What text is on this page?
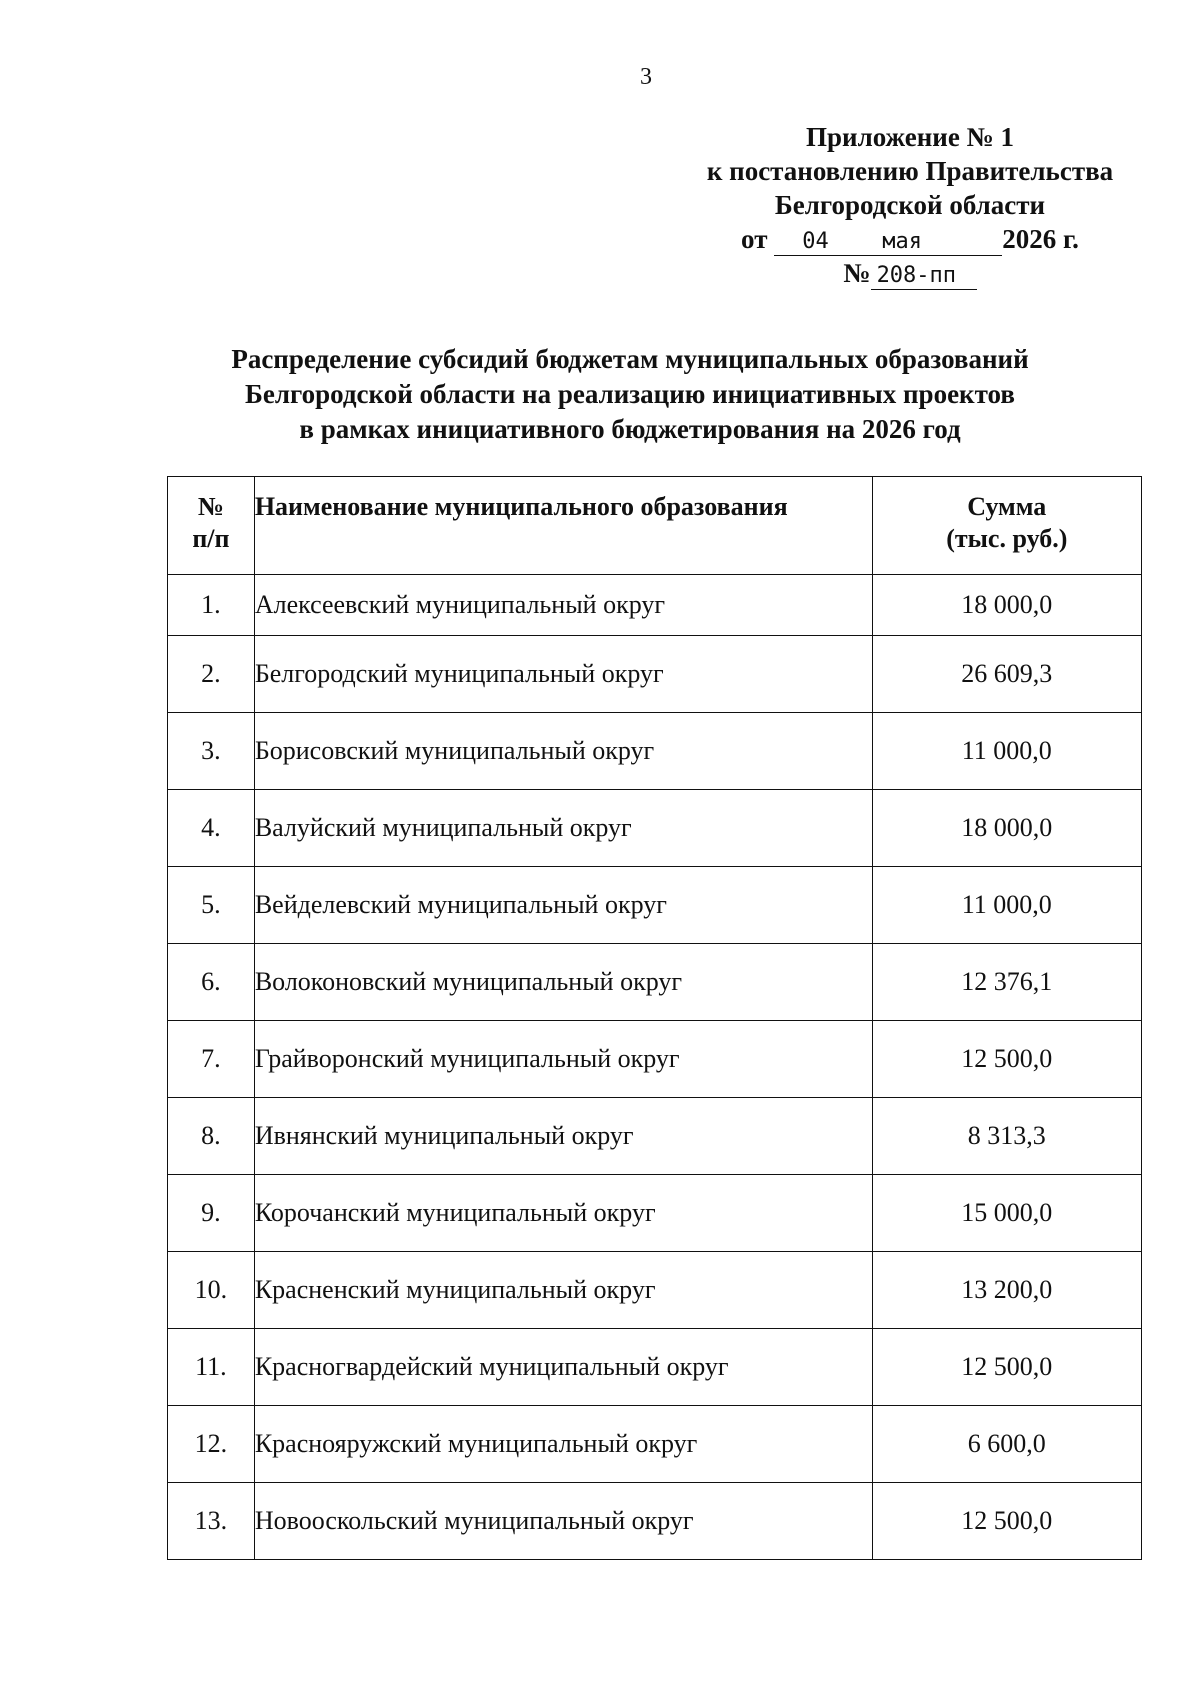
3
Приложение № 1
к постановлению Правительства
Белгородской области
от 04 мая	2026 г.
№ 208-пп
Распределение субсидий бюджетам муниципальных образований
Белгородской области на реализацию инициативных проектов
в рамках инициативного бюджетирования на 2026 год
№
п/п	Наименование муниципального образования	Сумма
(тыс. руб.)

1.	Алексеевский муниципальный округ	18 000,0
2.	Белгородский муниципальный округ	26 609,3
3.	Борисовский муниципальный округ	11 000,0
4.	Валуйский муниципальный округ	18 000,0
5.	Вейделевский муниципальный округ	11 000,0
6.	Волоконовский муниципальный округ	12 376,1
7.	Грайворонский муниципальный округ	12 500,0
8.	Ивнянский муниципальный округ	8 313,3
9.	Корочанский муниципальный округ	15 000,0
10.	Красненский муниципальный округ	13 200,0
11.	Красногвардейский муниципальный округ	12 500,0
12.	Краснояружский муниципальный округ	6 600,0
13.	Новооскольский муниципальный округ	12 500,0
